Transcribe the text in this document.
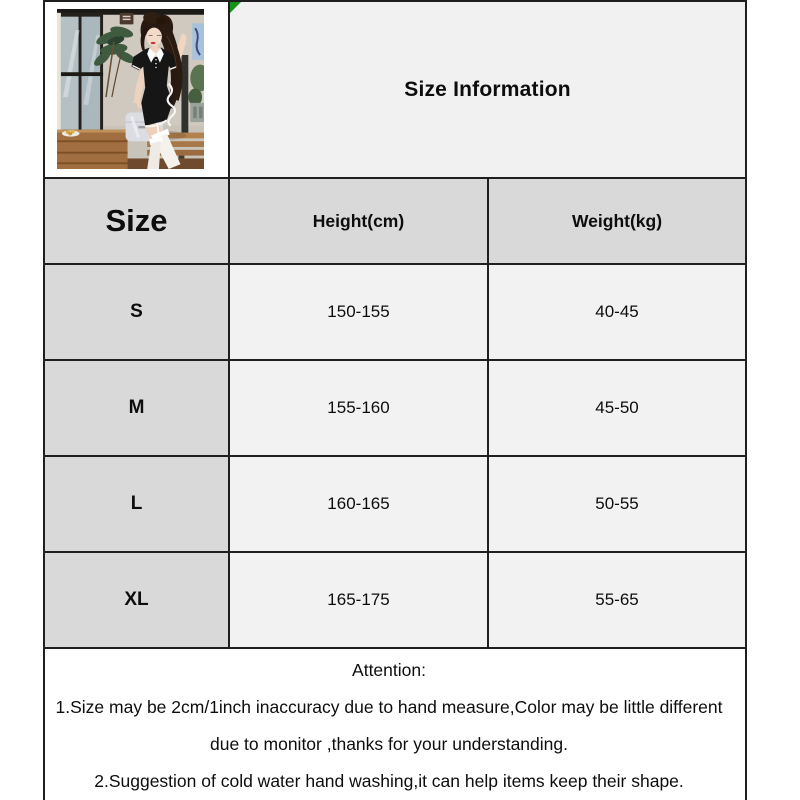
Size Information	
Size	Height(cm)	Weight(kg)
S	150-155	40-45
M	155-160	45-50
L	160-165	50-55
XL	165-175	55-65

Attention:
1.Size may be 2cm/1inch inaccuracy due to hand measure,Color may be little different due to monitor ,thanks for your understanding.
2.Suggestion of cold water hand washing,it can help items keep their shape.		
